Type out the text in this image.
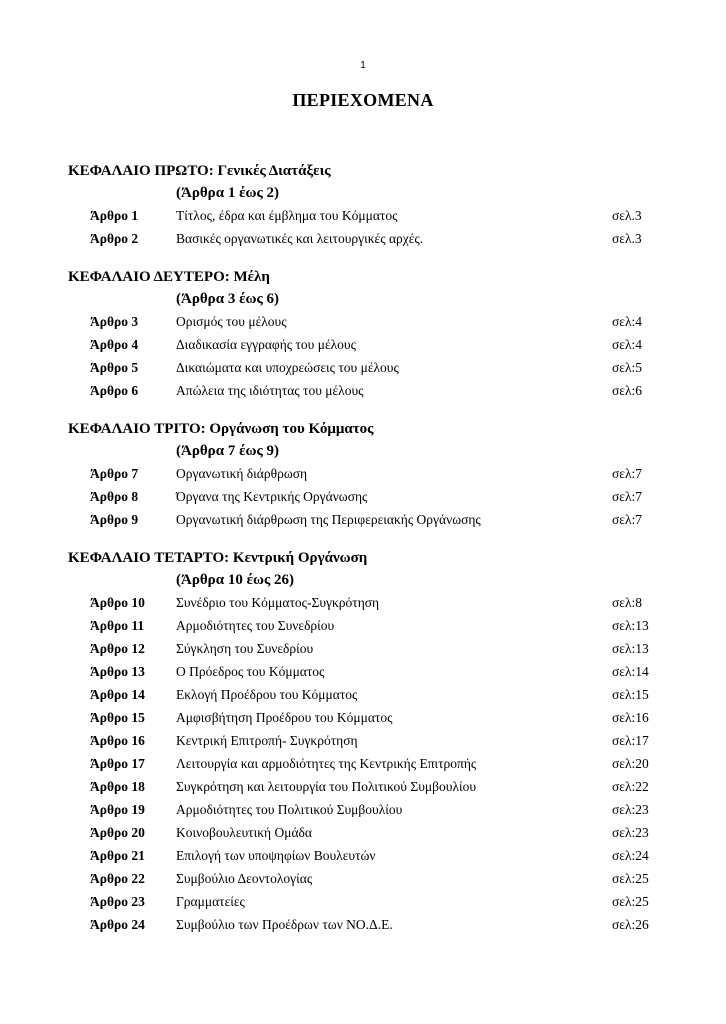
1
ΠΕΡΙΕΧΟΜΕΝΑ
ΚΕΦΑΛΑΙΟ ΠΡΩΤΟ: Γενικές Διατάξεις
(Άρθρα 1 έως 2)
Άρθρο 1	Τίτλος, έδρα και έμβλημα του Κόμματος	σελ.3
Άρθρο 2	Βασικές οργανωτικές και λειτουργικές αρχές.	σελ.3
ΚΕΦΑΛΑΙΟ ΔΕΥΤΕΡΟ: Μέλη
(Άρθρα 3 έως 6)
Άρθρο 3	Ορισμός του μέλους	σελ:4
Άρθρο 4	Διαδικασία εγγραφής του μέλους	σελ:4
Άρθρο 5	Δικαιώματα και υποχρεώσεις του μέλους	σελ:5
Άρθρο 6	Απώλεια της ιδιότητας του μέλους	σελ:6
ΚΕΦΑΛΑΙΟ ΤΡΙΤΟ: Οργάνωση του Κόμματος
(Άρθρα 7 έως 9)
Άρθρο 7	Οργανωτική διάρθρωση	σελ:7
Άρθρο 8	Όργανα της Κεντρικής Οργάνωσης	σελ:7
Άρθρο 9	Οργανωτική διάρθρωση της Περιφερειακής Οργάνωσης	σελ:7
ΚΕΦΑΛΑΙΟ ΤΕΤΑΡΤΟ: Κεντρική Οργάνωση
(Άρθρα 10 έως 26)
Άρθρο 10 Συνέδριο του Κόμματος-Συγκρότηση	σελ:8
Άρθρο 11 Αρμοδιότητες του Συνεδρίου	σελ:13
Άρθρο 12 Σύγκληση του Συνεδρίου	σελ:13
Άρθρο 13 Ο Πρόεδρος του Κόμματος	σελ:14
Άρθρο 14 Εκλογή Προέδρου του Κόμματος	σελ:15
Άρθρο 15 Αμφισβήτηση Προέδρου του Κόμματος	σελ:16
Άρθρο 16 Κεντρική Επιτροπή- Συγκρότηση	σελ:17
Άρθρο 17 Λειτουργία και αρμοδιότητες της Κεντρικής Επιτροπής	σελ:20
Άρθρο 18 Συγκρότηση και λειτουργία του Πολιτικού Συμβουλίου	σελ:22
Άρθρο 19 Αρμοδιότητες του Πολιτικού Συμβουλίου	σελ:23
Άρθρο 20 Κοινοβουλευτική Ομάδα	σελ:23
Άρθρο 21 Επιλογή των υποψηφίων Βουλευτών	σελ:24
Άρθρο 22 Συμβούλιο Δεοντολογίας	σελ:25
Άρθρο 23 Γραμματείες	σελ:25
Άρθρο 24 Συμβούλιο των Προέδρων των ΝΟ.Δ.Ε.	σελ:26
